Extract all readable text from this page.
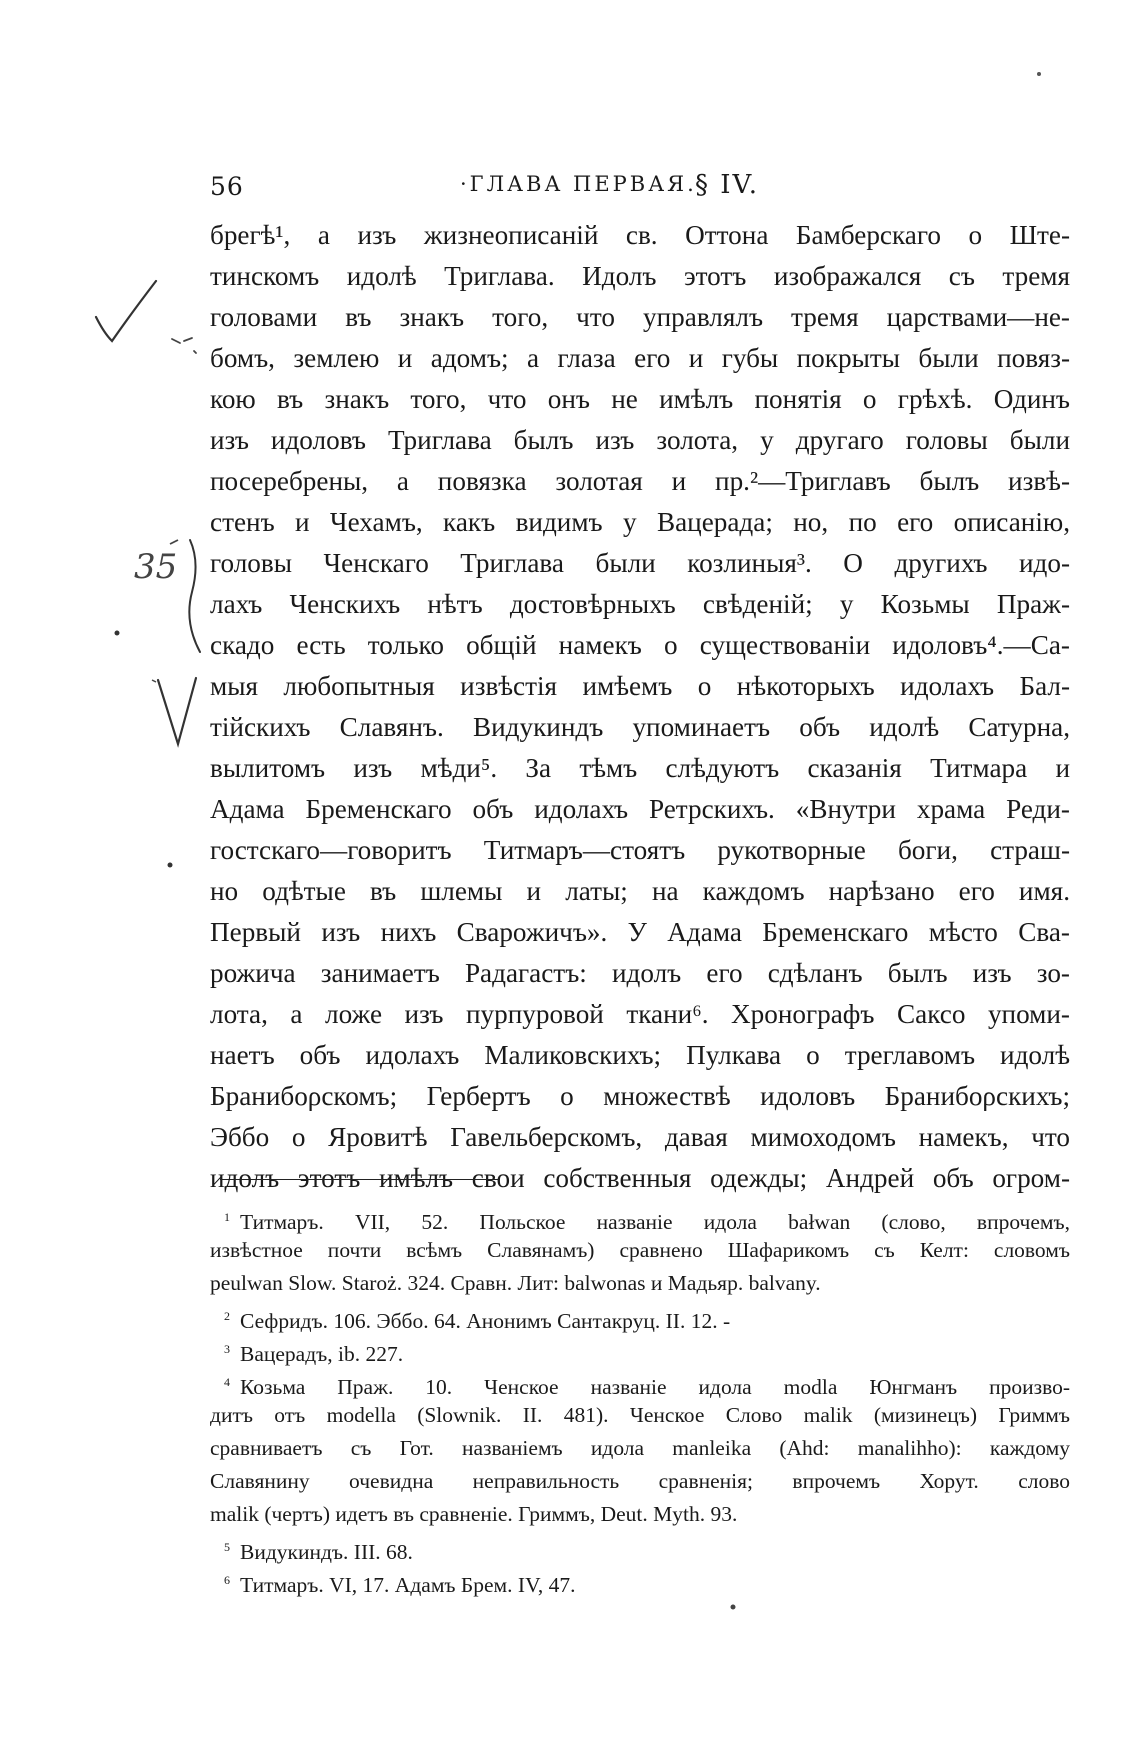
56	·ГЛАВА ПЕРВАЯ.
§ IV.
брегѣ¹, а изъ жизнеописаній св. Оттона Бамберскаго о Ште-
тинскомъ идолѣ Триглава. Идолъ этотъ изображался съ тремя
головами въ знакъ того, что управлялъ тремя царствами—не-
бомъ, землею и адомъ; а глаза его и губы покрыты были повяз-
кою въ знакъ того, что онъ не имѣлъ понятія о грѣхѣ. Одинъ
изъ идоловъ Триглава былъ изъ золота, у другаго головы были
посеребрены, а повязка золотая и пр.²—Триглавъ былъ извѣ-
стенъ и Чехамъ, какъ видимъ у Вацерада; но, по его описанію,
головы Ченскаго Триглава были козлиныя³. О другихъ идо-
лахъ Ченскихъ нѣтъ достовѣрныхъ свѣденій; у Козьмы Праж-
скадо есть только общій намекъ о существованіи идоловъ⁴.—Са-
мыя любопытныя извѣстія имѣемъ о нѣкоторыхъ идолахъ Бал-
тійскихъ Славянъ. Видукиндъ упоминаетъ объ идолѣ Сатурна,
вылитомъ изъ мѣди⁵. За тѣмъ слѣдуютъ сказанія Титмара и
Адама Бременскаго объ идолахъ Ретрскихъ. «Внутри храма Реди-
гостскаго—говоритъ Титмаръ—стоятъ рукотворные боги, страш-
но одѣтые въ шлемы и латы; на каждомъ нарѣзано его имя.
Первый изъ нихъ Сварожичъ». У Адама Бременскаго мѣсто Сва-
рожича занимаетъ Радагастъ: идолъ его сдѣланъ былъ изъ зо-
лота, а ложе изъ пурпуровой ткани⁶. Хронографъ Саксо упоми-
наетъ объ идолахъ Маликовскихъ; Пулкава о треглавомъ идолѣ
Бранибορскомъ; Гербертъ о множествѣ идоловъ Бранибορскихъ;
Эббо о Яровитѣ Гавельберскомъ, давая мимоходомъ намекъ, что
идолъ этотъ имѣлъ свои собственныя одежды; Андрей объ огром-
1 Титмаръ. VII, 52. Польское названіе идола bałwan (слово, впрочемъ,
извѣстное почти всѣмъ Славянамъ) сравнено Шафарикомъ съ Келт: словомъ
peulwan Slow. Staroż. 324. Сравн. Лит: balwonas и Мадьяр. balvany.
2 Сефридъ. 106. Эббо. 64. Анонимъ Сантакруц. II. 12. -
3 Вацерадъ, ib. 227.
4 Козьма Праж. 10. Ченское названіе идола modla Юнгманъ произво-
дитъ отъ modella (Slownik. II. 481). Ченское Слово malik (мизинецъ) Гриммъ
сравниваетъ съ Гот. названіемъ идола manleika (Ahd: manalihho): каждому
Славянину очевидна неправильность сравненія; впрочемъ Хорут. слово
malik (чертъ) идетъ въ сравненіе. Гриммъ, Deut. Myth. 93.
5 Видукиндъ. III. 68.
6 Титмаръ. VI, 17. Адамъ Брем. IV, 47.
35
